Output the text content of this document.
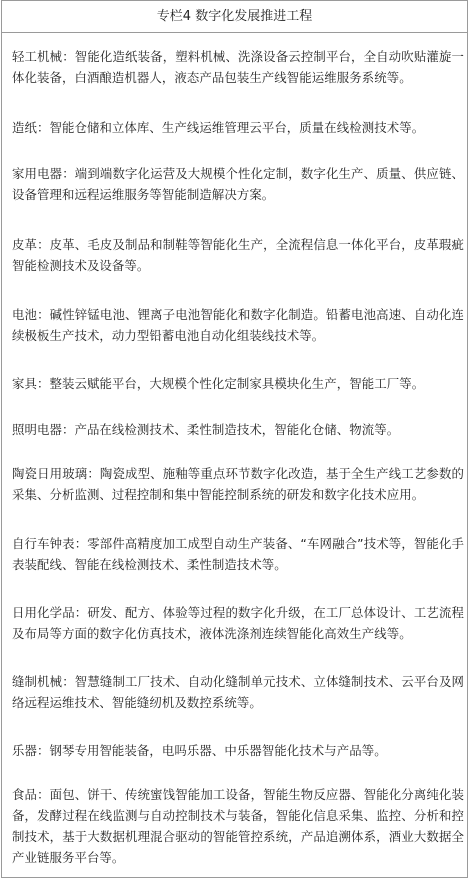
专栏4 数字化发展推进工程
轻工机械：智能化造纸装备，塑料机械、洗涤设备云控制平台，全自动吹贴灌旋一体化装备，白酒酿造机器人，液态产品包装生产线智能运维服务系统等。
造纸：智能仓储和立体库、生产线运维管理云平台，质量在线检测技术等。
家用电器：端到端数字化运营及大规模个性化定制，数字化生产、质量、供应链、设备管理和远程运维服务等智能制造解决方案。
皮革：皮革、毛皮及制品和制鞋等智能化生产，全流程信息一体化平台，皮革瑕疵智能检测技术及设备等。
电池：碱性锌锰电池、锂离子电池智能化和数字化制造。铅蓄电池高速、自动化连续极板生产技术，动力型铅蓄电池自动化组装线技术等。
家具：整装云赋能平台，大规模个性化定制家具模块化生产，智能工厂等。
照明电器：产品在线检测技术、柔性制造技术，智能化仓储、物流等。
陶瓷日用玻璃：陶瓷成型、施釉等重点环节数字化改造，基于全生产线工艺参数的采集、分析监测、过程控制和集中智能控制系统的研发和数字化技术应用。
自行车钟表：零部件高精度加工成型自动生产装备、“车网融合”技术等，智能化手表装配线、智能在线检测技术、柔性制造技术等。
日用化学品：研发、配方、体验等过程的数字化升级，在工厂总体设计、工艺流程及布局等方面的数字化仿真技术，液体洗涤剂连续智能化高效生产线等。
缝制机械：智慧缝制工厂技术、自动化缝制单元技术、立体缝制技术、云平台及网络远程运维技术、智能缝纫机及数控系统等。
乐器：钢琴专用智能装备，电吗乐器、中乐器智能化技术与产品等。
食品：面包、饼干、传统蜜饯智能加工设备，智能生物反应器、智能化分离纯化装备，发酵过程在线监测与自动控制技术与装备，智能化信息采集、监控、分析和控制技术，基于大数据机理混合驱动的智能管控系统，产品追溯体系，酒业大数据全产业链服务平台等。
